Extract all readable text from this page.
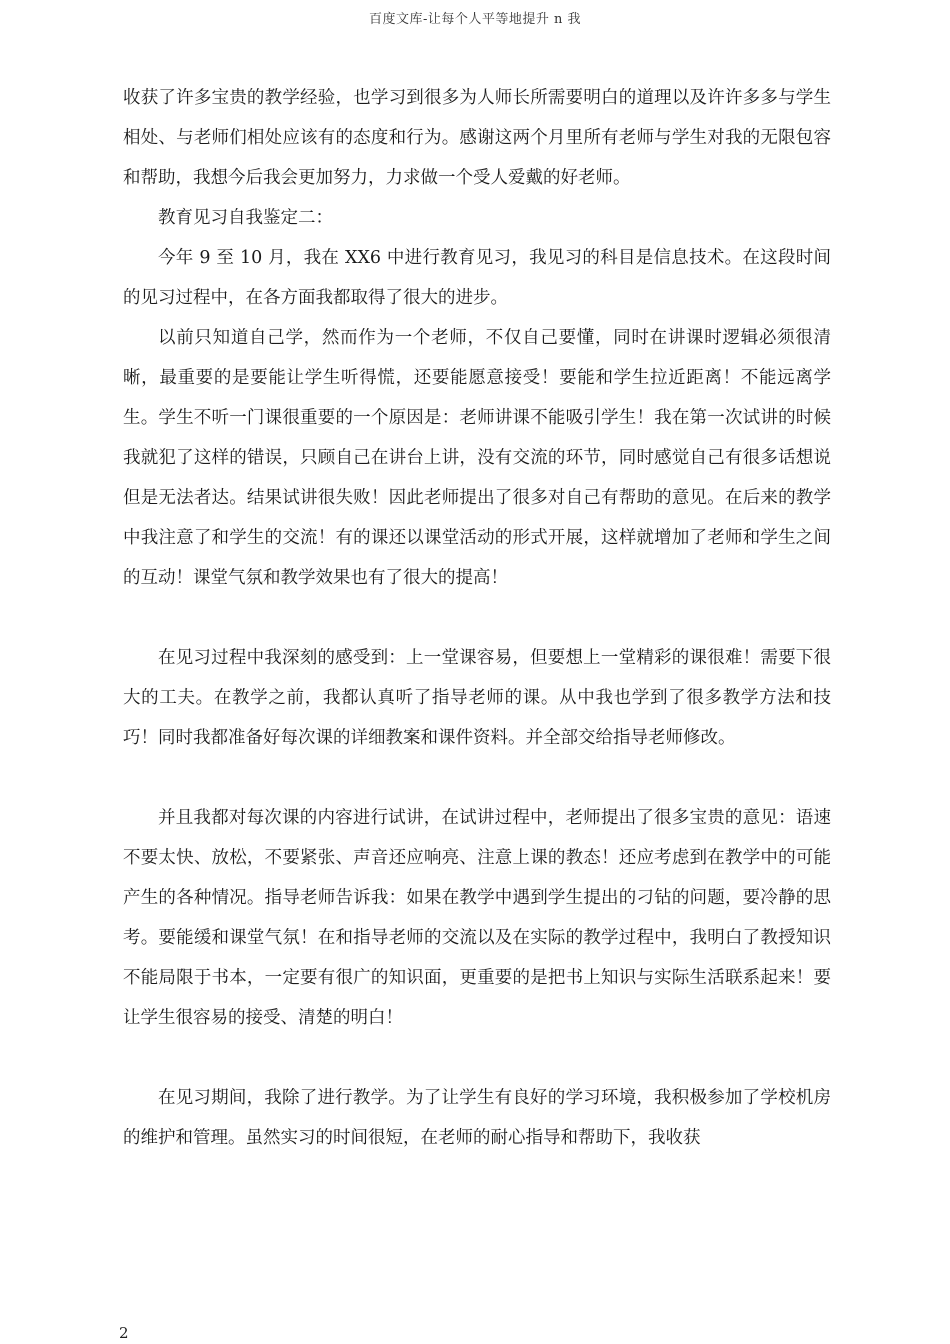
百度文库-让每个人平等地提升 n 我

收获了许多宝贵的教学经验，也学习到很多为人师长所需要明白的道理以及许许多多与学生相处、与老师们相处应该有的态度和行为。感谢这两个月里所有老师与学生对我的无限包容和帮助，我想今后我会更加努力，力求做一个受人爱戴的好老师。

教育见习自我鉴定二：

今年 9 至 10 月，我在 XX6 中进行教育见习，我见习的科目是信息技术。在这段时间的见习过程中，在各方面我都取得了很大的进步。

以前只知道自己学，然而作为一个老师，不仅自己要懂，同时在讲课时逻辑必须很清晰，最重要的是要能让学生听得慌，还要能愿意接受！要能和学生拉近距离！不能远离学生。学生不听一门课很重要的一个原因是：老师讲课不能吸引学生！我在第一次试讲的时候我就犯了这样的错误，只顾自己在讲台上讲，没有交流的环节，同时感觉自己有很多话想说但是无法者达。结果试讲很失败！因此老师提出了很多对自己有帮助的意见。在后来的教学中我注意了和学生的交流！有的课还以课堂活动的形式开展，这样就增加了老师和学生之间的互动！课堂气氛和教学效果也有了很大的提高！

在见习过程中我深刻的感受到：上一堂课容易，但要想上一堂精彩的课很难！需要下很大的工夫。在教学之前，我都认真听了指导老师的课。从中我也学到了很多教学方法和技巧！同时我都准备好每次课的详细教案和课件资料。并全部交给指导老师修改。

并且我都对每次课的内容进行试讲，在试讲过程中，老师提出了很多宝贵的意见：语速不要太快、放松，不要紧张、声音还应响亮、注意上课的教态！还应考虑到在教学中的可能产生的各种情况。指导老师告诉我：如果在教学中遇到学生提出的刁钻的问题，要冷静的思考。要能缓和课堂气氛！在和指导老师的交流以及在实际的教学过程中，我明白了教授知识不能局限于书本，一定要有很广的知识面，更重要的是把书上知识与实际生活联系起来！要让学生很容易的接受、清楚的明白！

在见习期间，我除了进行教学。为了让学生有良好的学习环境，我积极参加了学校机房的维护和管理。虽然实习的时间很短，在老师的耐心指导和帮助下，我收获

2
